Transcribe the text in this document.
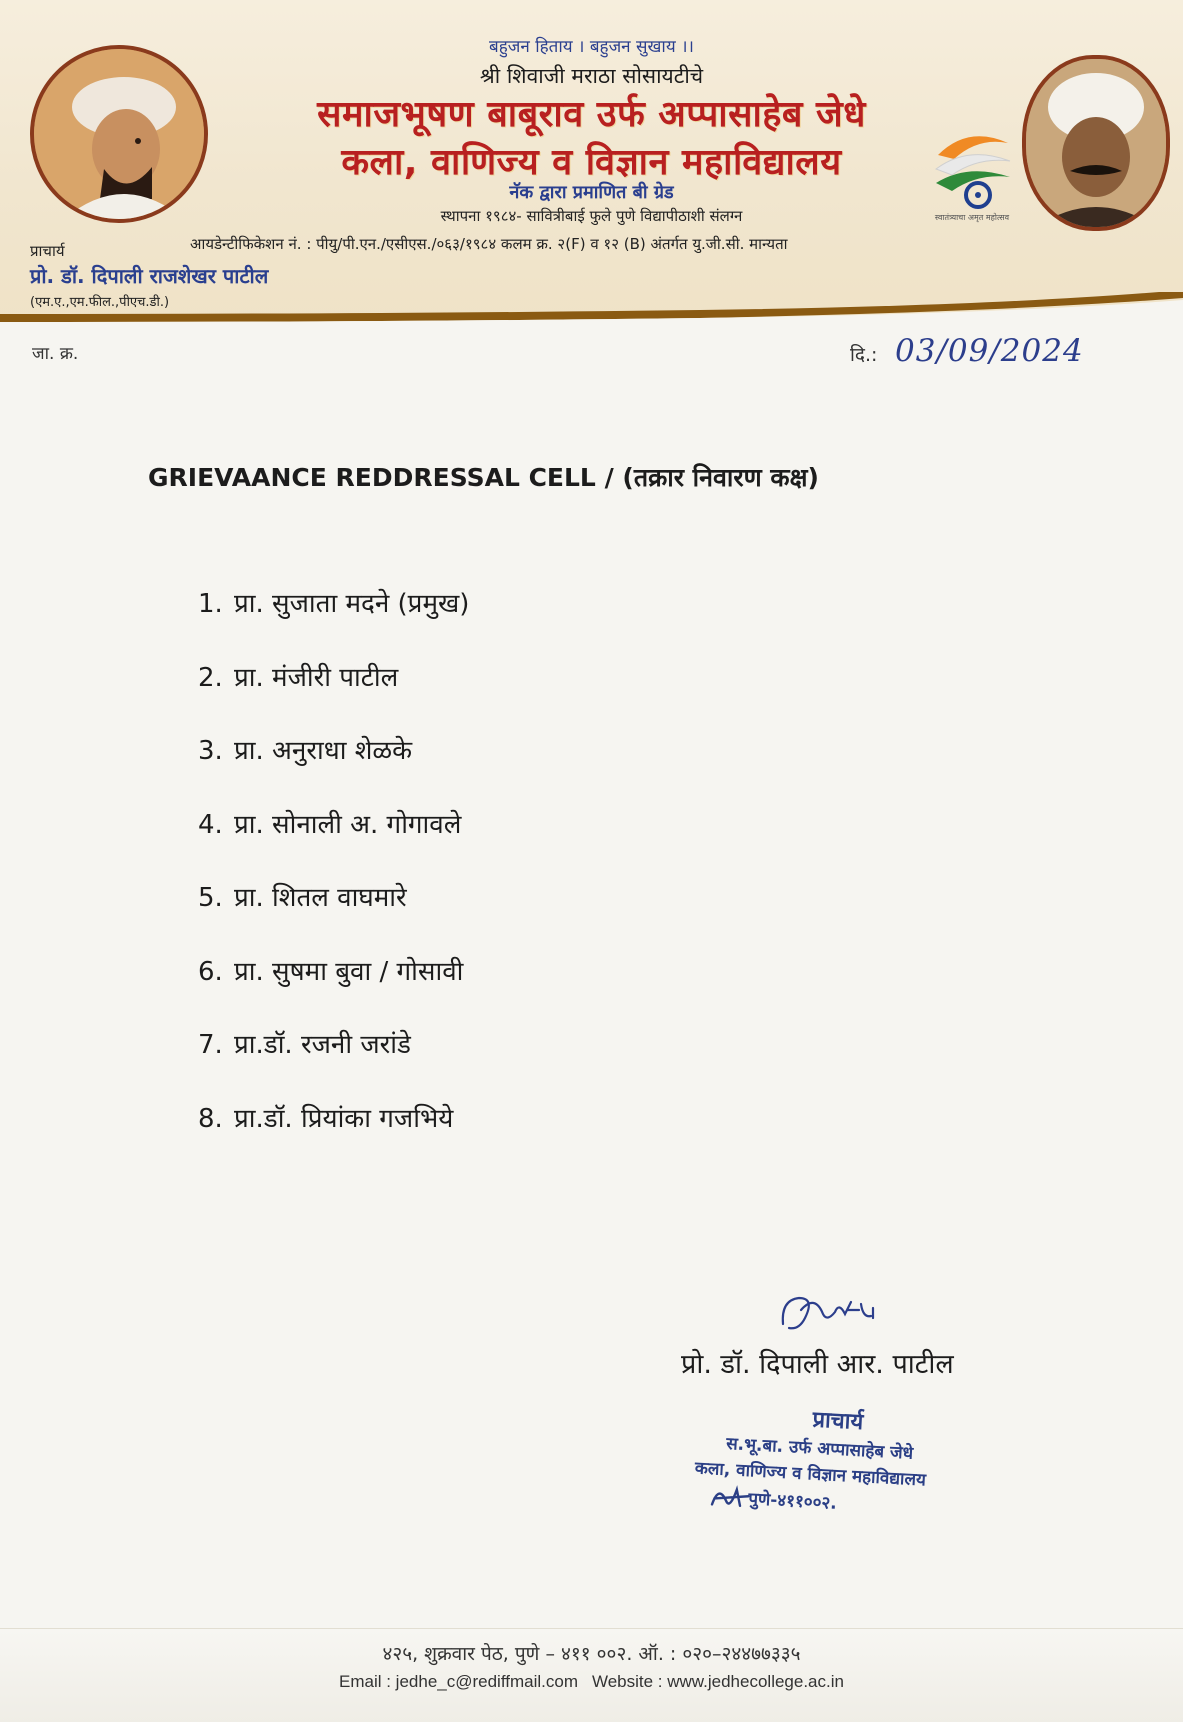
बहुजन हिताय । बहुजन सुखाय ।।
श्री शिवाजी मराठा सोसायटीचे
समाजभूषण बाबूराव उर्फ अप्पासाहेब जेधे
कला, वाणिज्य व विज्ञान महाविद्यालय
नॅक द्वारा प्रमाणित बी ग्रेड
स्थापना १९८४- सावित्रीबाई फुले पुणे विद्यापीठाशी संलग्न
आयडेन्टीफिकेशन नं. : पीयु/पी.एन./एसीएस./०६३/१९८४ कलम क्र. २(F) व १२ (B) अंतर्गत यु.जी.सी. मान्यता
प्राचार्य
प्रो. डॉ. दिपाली राजशेखर पाटील
(एम.ए.,एम.फील.,पीएच.डी.)
स्वातंत्र्याचा अमृत महोत्सव
जा. क्र.	दि.: 03/09/2024
GRIEVAANCE REDDRESSAL CELL / (तक्रार निवारण कक्ष)
1. प्रा. सुजाता मदने (प्रमुख)
2. प्रा. मंजीरी पाटील
3. प्रा. अनुराधा शेळके
4. प्रा. सोनाली अ. गोगावले
5. प्रा. शितल वाघमारे
6. प्रा. सुषमा बुवा / गोसावी
7. प्रा.डॉ. रजनी जरांडे
8. प्रा.डॉ. प्रियांका गजभिये
प्रो. डॉ. दिपाली आर. पाटील
प्राचार्य
स.भू.बा. उर्फ अप्पासाहेब जेधे
कला, वाणिज्य व विज्ञान महाविद्यालय
पुणे-४११००२.
४२५, शुक्रवार पेठ, पुणे – ४११ ००२. ऑ. : ०२०–२४४७७३३५
Email : jedhe_c@rediffmail.com Website : www.jedhecollege.ac.in
